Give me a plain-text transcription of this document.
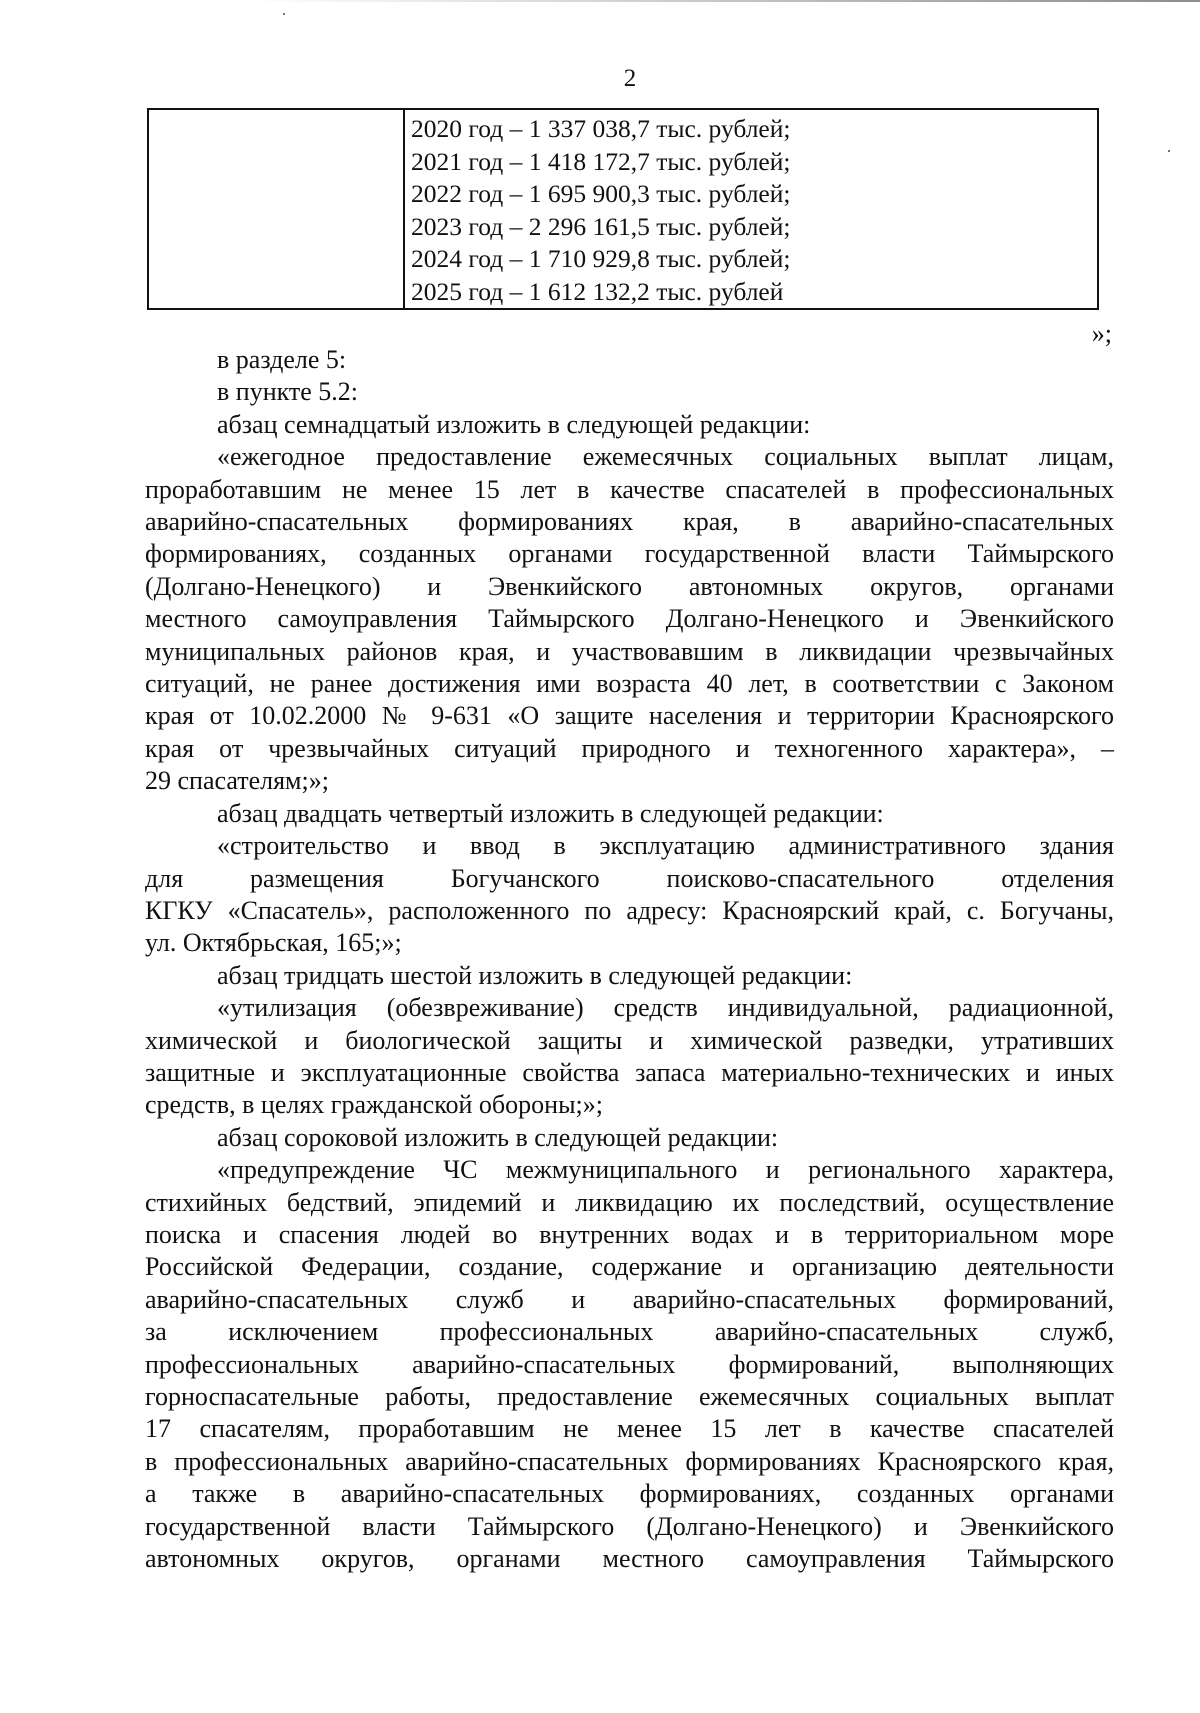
2
2020 год – 1 337 038,7 тыс. рублей;
2021 год – 1 418 172,7 тыс. рублей;
2022 год – 1 695 900,3 тыс. рублей;
2023 год – 2 296 161,5 тыс. рублей;
2024 год – 1 710 929,8 тыс. рублей;
2025 год – 1 612 132,2 тыс. рублей
»;
в разделе 5:
в пункте 5.2:
абзац семнадцатый изложить в следующей редакции:
«ежегодное предоставление ежемесячных социальных выплат лицам,
проработавшим не менее 15 лет в качестве спасателей в профессиональных
аварийно-спасательных формированиях края, в аварийно-спасательных
формированиях, созданных органами государственной власти Таймырского
(Долгано-Ненецкого) и Эвенкийского автономных округов, органами
местного самоуправления Таймырского Долгано-Ненецкого и Эвенкийского
муниципальных районов края, и участвовавшим в ликвидации чрезвычайных
ситуаций, не ранее достижения ими возраста 40 лет, в соответствии с Законом
края от 10.02.2000 № 9-631 «О защите населения и территории Красноярского
края от чрезвычайных ситуаций природного и техногенного характера», –
29 спасателям;»;
абзац двадцать четвертый изложить в следующей редакции:
«строительство и ввод в эксплуатацию административного здания
для размещения Богучанского поисково-спасательного отделения
КГКУ «Спасатель», расположенного по адресу: Красноярский край, с. Богучаны,
ул. Октябрьская, 165;»;
абзац тридцать шестой изложить в следующей редакции:
«утилизация (обезвреживание) средств индивидуальной, радиационной,
химической и биологической защиты и химической разведки, утративших
защитные и эксплуатационные свойства запаса материально-технических и иных
средств, в целях гражданской обороны;»;
абзац сороковой изложить в следующей редакции:
«предупреждение ЧС межмуниципального и регионального характера,
стихийных бедствий, эпидемий и ликвидацию их последствий, осуществление
поиска и спасения людей во внутренних водах и в территориальном море
Российской Федерации, создание, содержание и организацию деятельности
аварийно-спасательных служб и аварийно-спасательных формирований,
за исключением профессиональных аварийно-спасательных служб,
профессиональных аварийно-спасательных формирований, выполняющих
горноспасательные работы, предоставление ежемесячных социальных выплат
17 спасателям, проработавшим не менее 15 лет в качестве спасателей
в профессиональных аварийно-спасательных формированиях Красноярского края,
а также в аварийно-спасательных формированиях, созданных органами
государственной власти Таймырского (Долгано-Ненецкого) и Эвенкийского
автономных округов, органами местного самоуправления Таймырского
